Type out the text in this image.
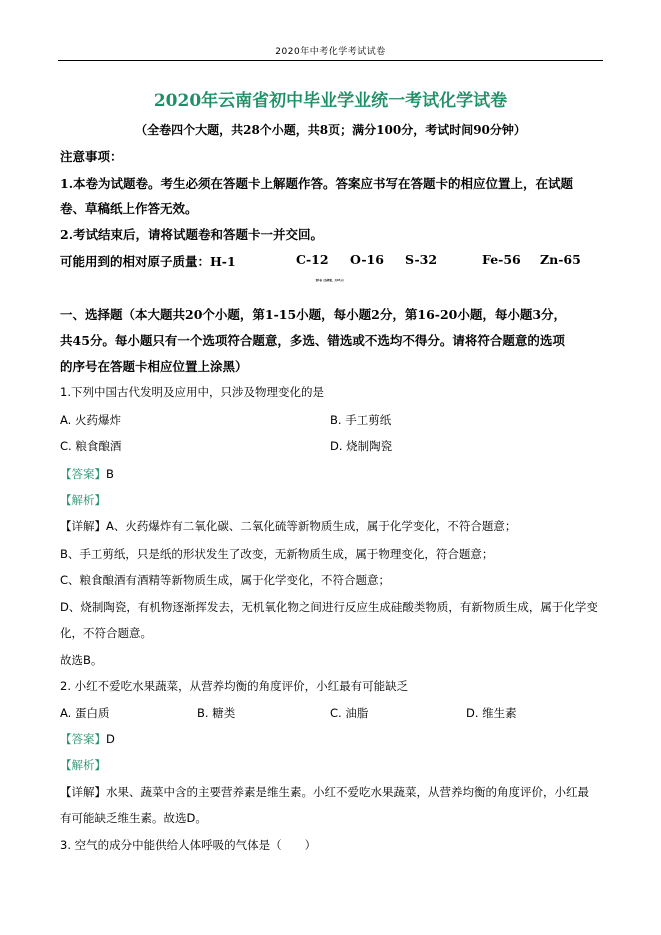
2020年中考化学考试试卷
2020年云南省初中毕业学业统一考试化学试卷
（全卷四个大题，共28个小题，共8页；满分100分，考试时间90分钟）
注意事项：
1.本卷为试题卷。考生必须在答题卡上解题作答。答案应书写在答题卡的相应位置上，在试题
卷、草稿纸上作答无效。
2.考试结束后，请将试题卷和答题卡一并交回。
可能用到的相对原子质量：H-1	C-12 O-16 S-32	Fe-56 Zn-65
第Ⅰ卷（选择题，共45分）
一、选择题（本大题共20个小题，第1-15小题，每小题2分，第16-20小题，每小题3分，
共45分。每小题只有一个选项符合题意，多选、错选或不选均不得分。请将符合题意的选项
的序号在答题卡相应位置上涂黑）
1.下列中国古代发明及应用中，只涉及物理变化的是
A. 火药爆炸	B. 手工剪纸
C. 粮食酿酒	D. 烧制陶瓷
【答案】B
【解析】
【详解】A、火药爆炸有二氧化碳、二氧化硫等新物质生成，属于化学变化，不符合题意；
B、手工剪纸，只是纸的形状发生了改变，无新物质生成，属于物理变化，符合题意；
C、粮食酿酒有酒精等新物质生成，属于化学变化，不符合题意；
D、烧制陶瓷，有机物逐渐挥发去，无机氧化物之间进行反应生成硅酸类物质，有新物质生成，属于化学变
化，不符合题意。
故选B。
2. 小红不爱吃水果蔬菜，从营养均衡的角度评价，小红最有可能缺乏
A. 蛋白质	B. 糖类	C. 油脂	D. 维生素
【答案】D
【解析】
【详解】水果、蔬菜中含的主要营养素是维生素。小红不爱吃水果蔬菜，从营养均衡的角度评价，小红最
有可能缺乏维生素。故选D。
3. 空气的成分中能供给人体呼吸的气体是（　　）
